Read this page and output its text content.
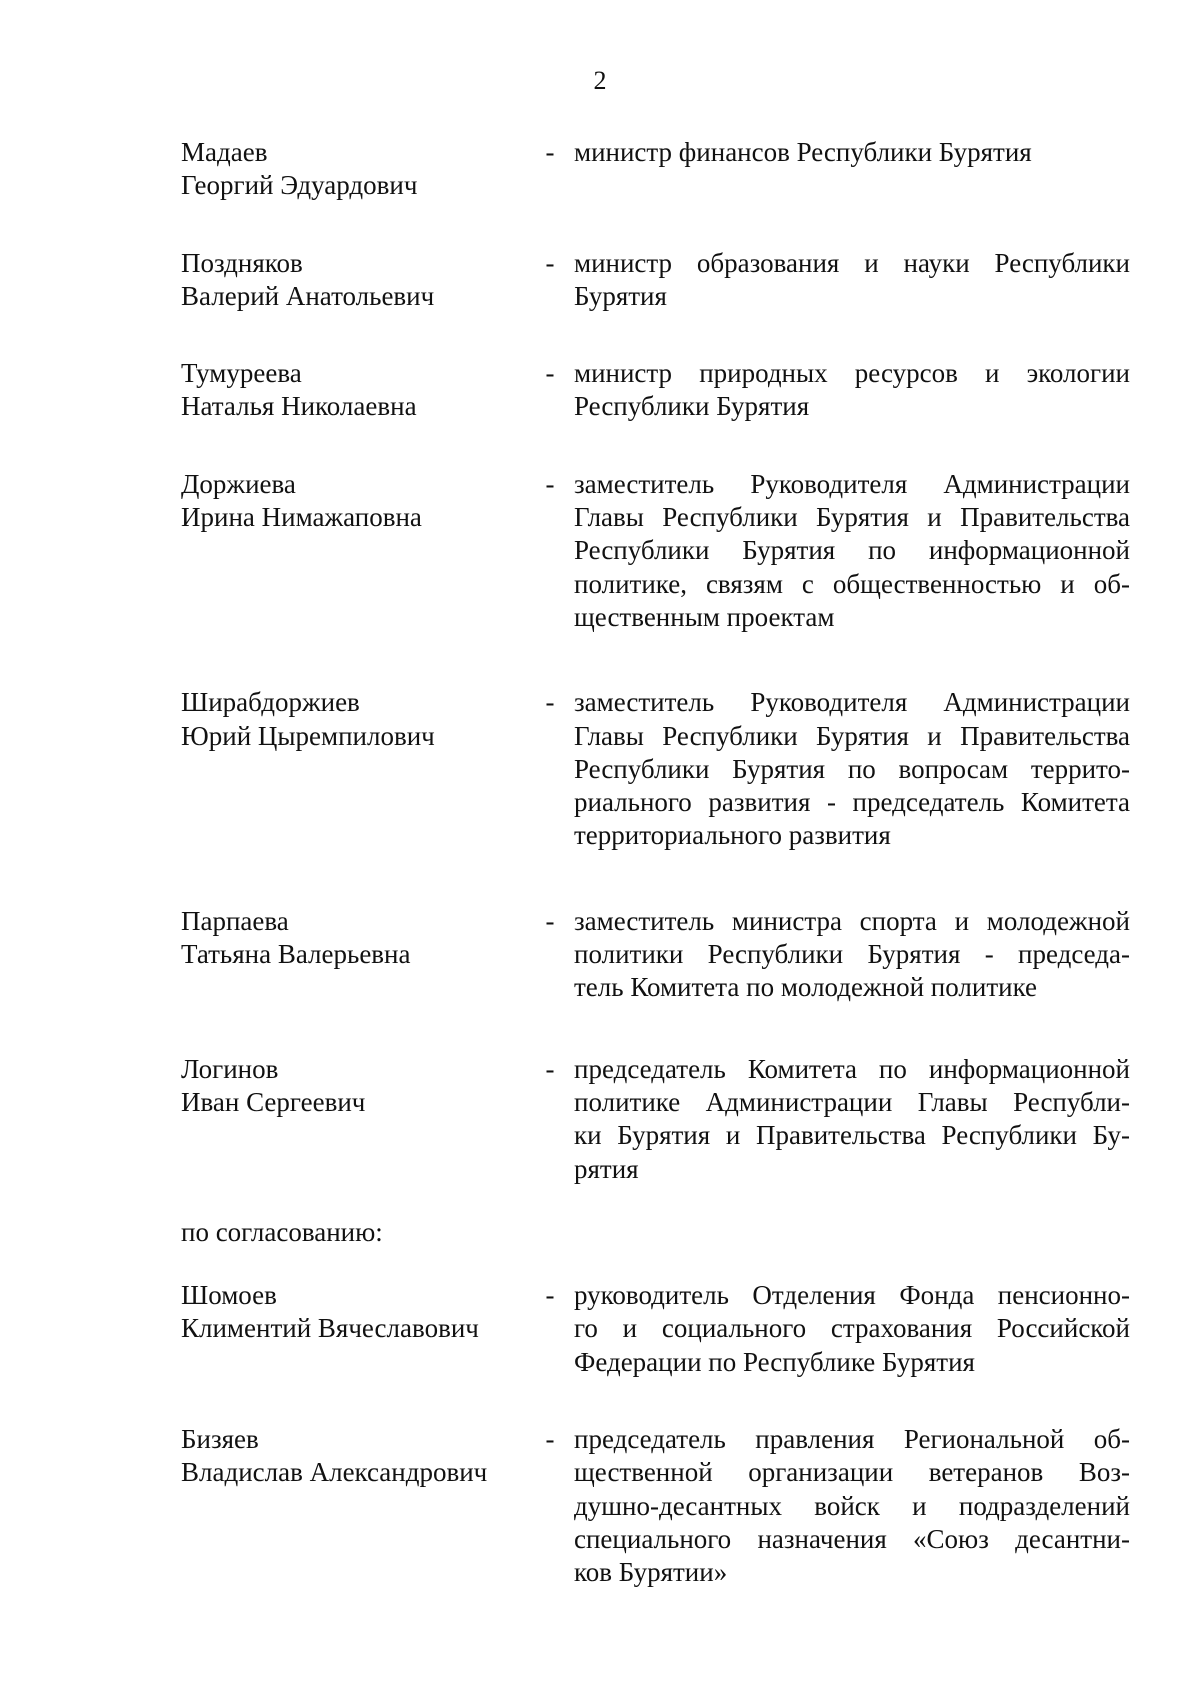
2
Мадаев
Георгий Эдуардович
- министр финансов Республики Бурятия
Поздняков
Валерий Анатольевич
- министр образования и науки Республики
Бурятия
Тумуреева
Наталья Николаевна
- министр природных ресурсов и экологии
Республики Бурятия
Доржиева
Ирина Нимажаповна
- заместитель Руководителя Администрации
Главы Республики Бурятия и Правительства
Республики Бурятия по информационной
политике, связям с общественностью и об-
щественным проектам
Ширабдоржиев
Юрий Цыремпилович
- заместитель Руководителя Администрации
Главы Республики Бурятия и Правительства
Республики Бурятия по вопросам террито-
риального развития - председатель Комитета
территориального развития
Парпаева
Татьяна Валерьевна
- заместитель министра спорта и молодежной
политики Республики Бурятия - председа-
тель Комитета по молодежной политике
Логинов
Иван Сергеевич
- председатель Комитета по информационной
политике Администрации Главы Республи-
ки Бурятия и Правительства Республики Бу-
рятия
по согласованию:
Шомоев
Климентий Вячеславович
- руководитель Отделения Фонда пенсионно-
го и социального страхования Российской
Федерации по Республике Бурятия
Бизяев
Владислав Александрович
- председатель правления Региональной об-
щественной организации ветеранов Воз-
душно-десантных войск и подразделений
специального назначения «Союз десантни-
ков Бурятии»
